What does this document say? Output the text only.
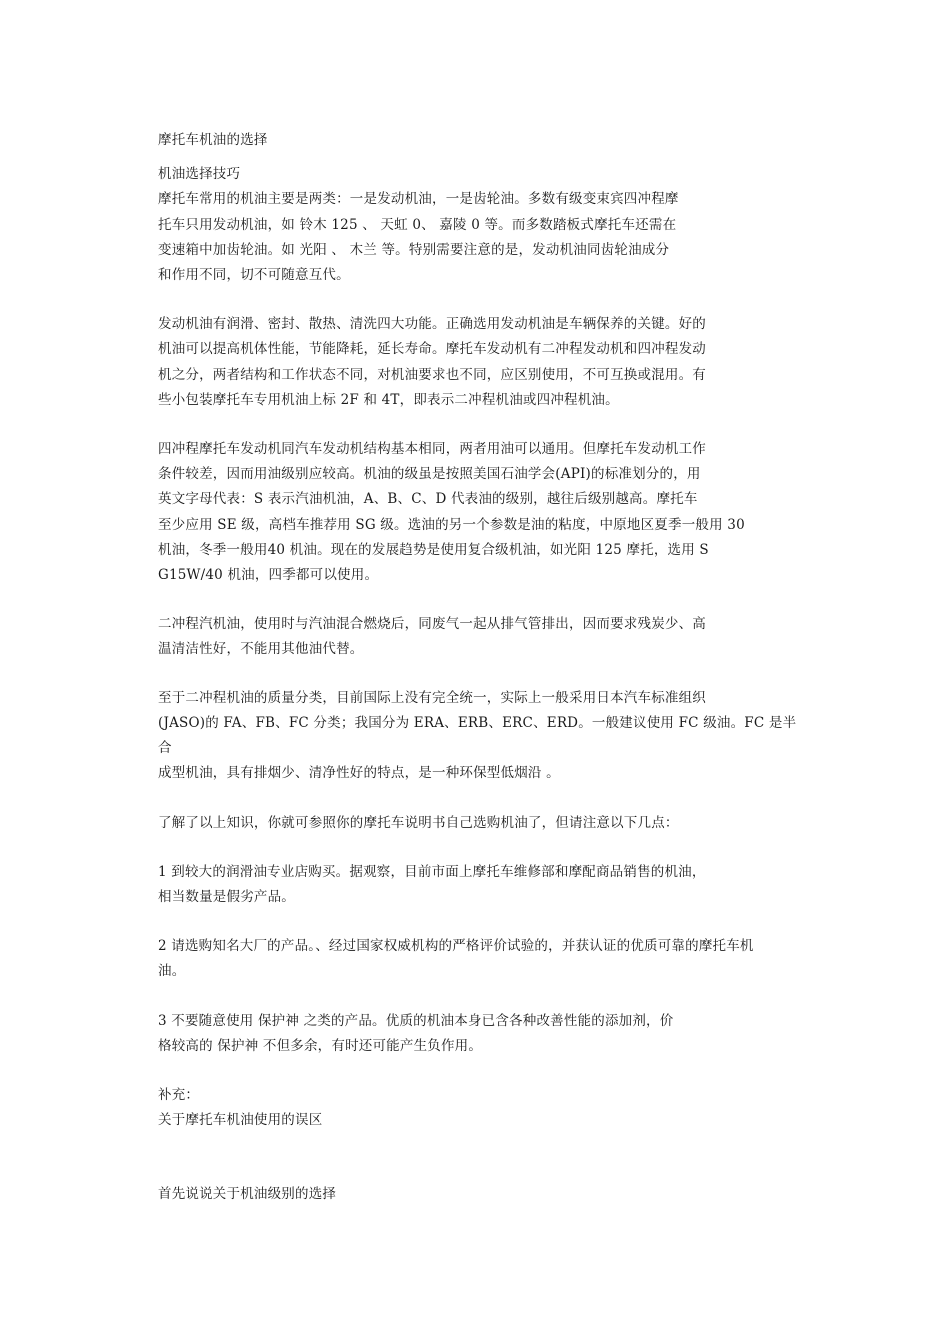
摩托车机油的选择
机油选择技巧
摩托车常用的机油主要是两类：一是发动机油，一是齿轮油。多数有级变束宾四冲程摩
托车只用发动机油，如 铃木 125 、 天虹 0、 嘉陵 0 等。而多数踏板式摩托车还需在
变速箱中加齿轮油。如 光阳 、 木兰 等。特别需要注意的是，发动机油同齿轮油成分
和作用不同，切不可随意互代。
发动机油有润滑、密封、散热、清洗四大功能。正确选用发动机油是车辆保养的关键。好的
机油可以提高机体性能，节能降耗，延长寿命。摩托车发动机有二冲程发动机和四冲程发动
机之分，两者结构和工作状态不同，对机油要求也不同，应区别使用，不可互换或混用。有
些小包装摩托车专用机油上标 2F 和 4T，即表示二冲程机油或四冲程机油。
四冲程摩托车发动机同汽车发动机结构基本相同，两者用油可以通用。但摩托车发动机工作
条件较差，因而用油级别应较高。机油的级虽是按照美国石油学会(API)的标准划分的，用
英文字母代表：S 表示汽油机油，A、B、C、D 代表油的级别，越往后级别越高。摩托车
至少应用 SE 级，高档车推荐用 SG 级。选油的另一个参数是油的粘度，中原地区夏季一般用 30
机油，冬季一般用40 机油。现在的发展趋势是使用复合级机油，如光阳 125 摩托，选用 S
G15W/40 机油，四季都可以使用。
二冲程汽机油，使用时与汽油混合燃烧后，同废气一起从排气管排出，因而要求残炭少、高
温清洁性好，不能用其他油代替。
至于二冲程机油的质量分类，目前国际上没有完全统一，实际上一般采用日本汽车标准组织
(JASO)的 FA、FB、FC 分类；我国分为 ERA、ERB、ERC、ERD。一般建议使用 FC 级油。FC 是半
合
成型机油，具有排烟少、清净性好的特点，是一种环保型低烟沿 。
了解了以上知识，你就可参照你的摩托车说明书自己选购机油了，但请注意以下几点：
1 到较大的润滑油专业店购买。据观察，目前市面上摩托车维修部和摩配商品销售的机油，
相当数量是假劣产品。
2 请选购知名大厂的产品。、经过国家权威机构的严格评价试验的，并获认证的优质可靠的摩托车机
油。
3 不要随意使用 保护神 之类的产品。优质的机油本身已含各种改善性能的添加剂，价
格较高的 保护神 不但多余，有时还可能产生负作用。
补充：
关于摩托车机油使用的误区
首先说说关于机油级别的选择
